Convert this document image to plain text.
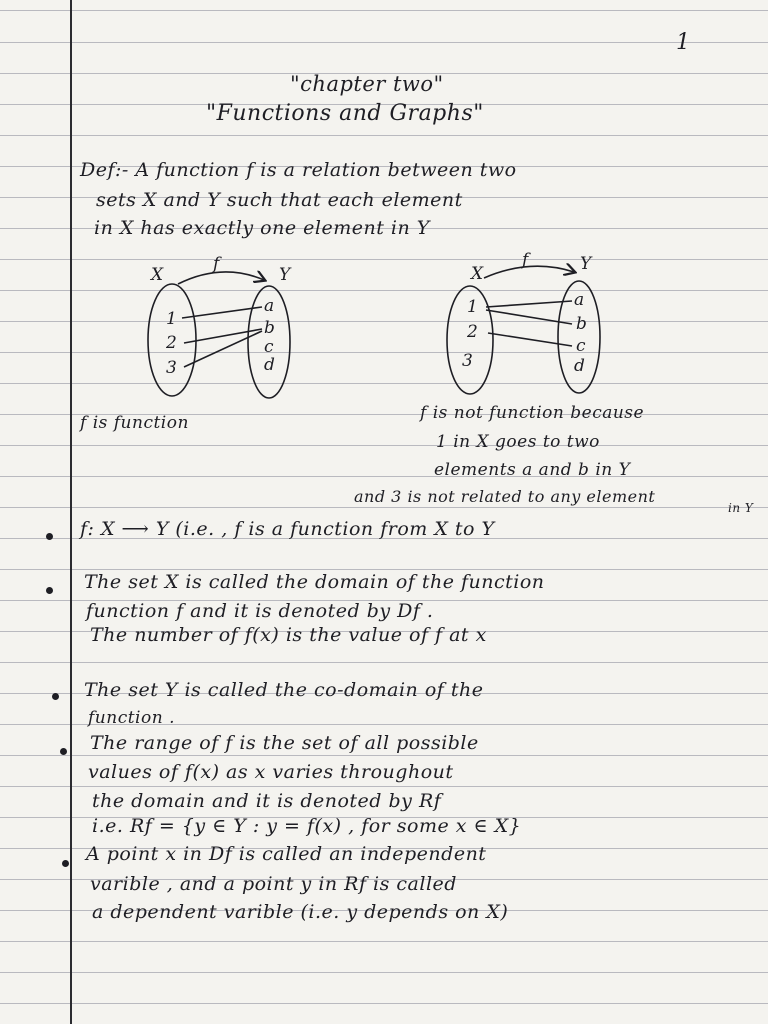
1
"chapter two"
"Functions and Graphs"
Def:- A function f is a relation between two
sets X and Y such that each element
in X has exactly one element in Y
X
f
Y
1
2
3
a
b
c
d
X
f	Y
1
2
3
a
b
c
d
f is function	f is not function because
1 in X goes to two
elements a and b in Y
and 3 is not related to any element
in Y
f: X ⟶ Y (i.e. , f is a function from X to Y
The set X is called the domain of the function
function f and it is denoted by Df .
The number of f(x) is the value of f at x
The set Y is called the co-domain of the
function .
The range of f is the set of all possible
values of f(x) as x varies throughout
the domain and it is denoted by Rf
i.e. Rf = {y ∈ Y : y = f(x) , for some x ∈ X}
A point x in Df is called an independent
varible , and a point y in Rf is called
a dependent varible (i.e. y depends on X)
